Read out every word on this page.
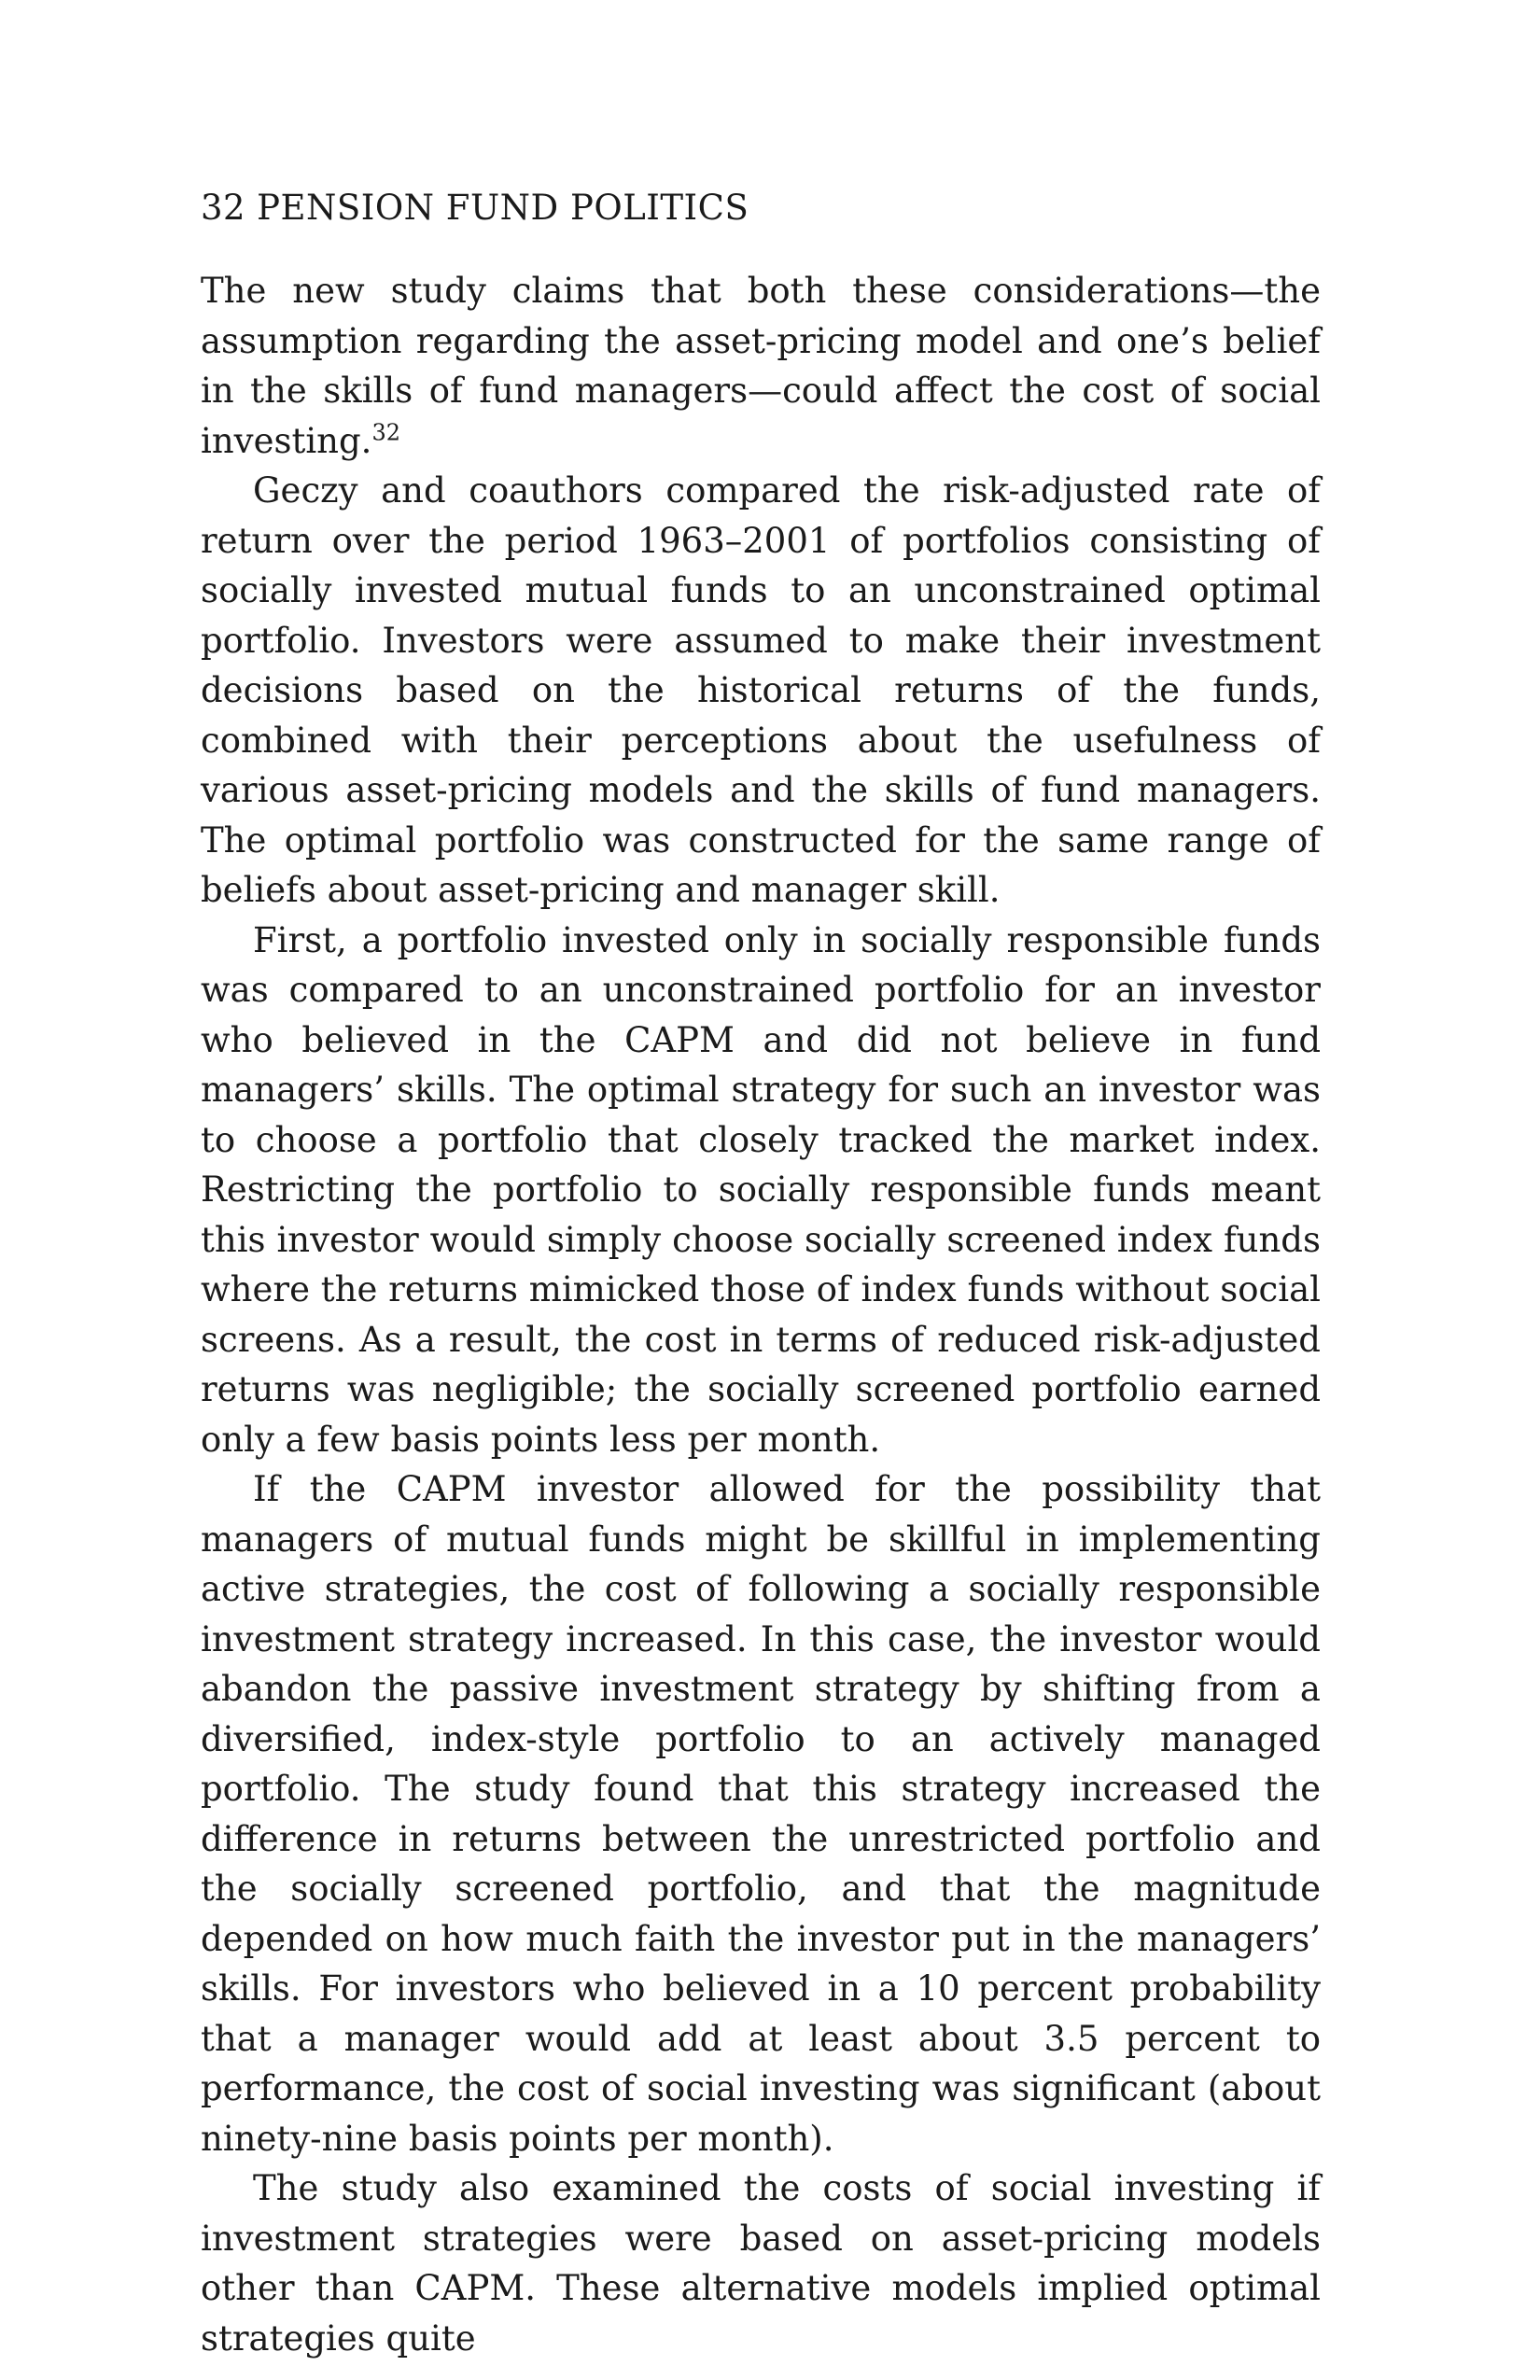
32 PENSION FUND POLITICS

The new study claims that both these considerations—the assumption regarding the asset-pricing model and one’s belief in the skills of fund managers—could affect the cost of social investing.$^{32}$

Geczy and coauthors compared the risk-adjusted rate of return over the period 1963–2001 of portfolios consisting of socially invested mutual funds to an unconstrained optimal portfolio. Investors were assumed to make their investment decisions based on the historical returns of the funds, combined with their perceptions about the usefulness of various asset-pricing models and the skills of fund managers. The optimal portfolio was constructed for the same range of beliefs about asset-pricing and manager skill.

First, a portfolio invested only in socially responsible funds was compared to an unconstrained portfolio for an investor who believed in the CAPM and did not believe in fund managers’ skills. The optimal strategy for such an investor was to choose a portfolio that closely tracked the market index. Restricting the portfolio to socially responsible funds meant this investor would simply choose socially screened index funds where the returns mimicked those of index funds without social screens. As a result, the cost in terms of reduced risk-adjusted returns was negligible; the socially screened portfolio earned only a few basis points less per month.

If the CAPM investor allowed for the possibility that managers of mutual funds might be skillful in implementing active strategies, the cost of following a socially responsible investment strategy increased. In this case, the investor would abandon the passive investment strategy by shifting from a diversified, index-style portfolio to an actively managed portfolio. The study found that this strategy increased the difference in returns between the unrestricted portfolio and the socially screened portfolio, and that the magnitude depended on how much faith the investor put in the managers’ skills. For investors who believed in a 10 percent probability that a manager would add at least about 3.5 percent to performance, the cost of social investing was significant (about ninety-nine basis points per month).

The study also examined the costs of social investing if investment strategies were based on asset-pricing models other than CAPM. These alternative models implied optimal strategies quite
